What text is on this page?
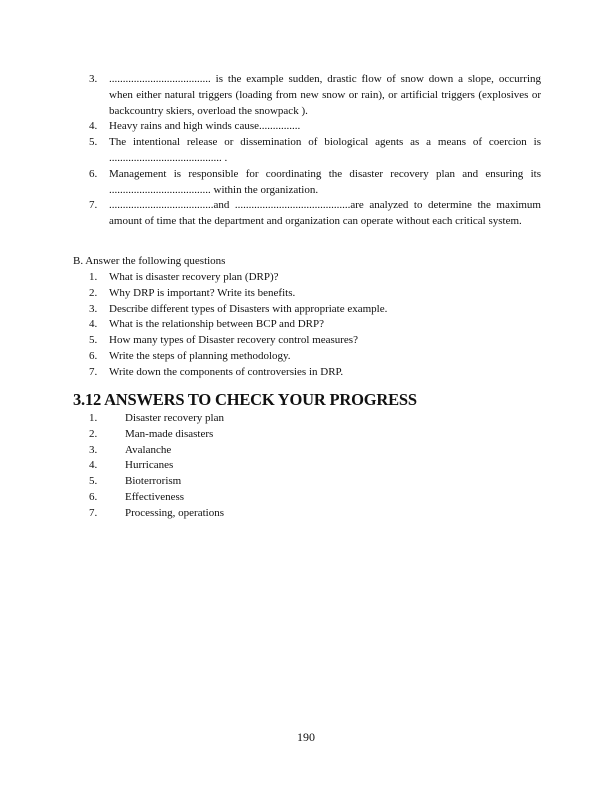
3.	..................................... is the example sudden, drastic flow of snow down a slope, occurring when either natural triggers (loading from new snow or rain), or artificial triggers (explosives or backcountry skiers, overload the snowpack ).
4.	Heavy rains and high winds cause...............
5.	The intentional release or dissemination of biological agents as a means of coercion is ......................................... .
6.	Management is responsible for coordinating the disaster recovery plan and ensuring its ..................................... within the organization.
7.	......................................and ..........................................are analyzed to determine the maximum amount of time that the department and organization can operate without each critical system.
B. Answer the following questions
1.	What is disaster recovery plan (DRP)?
2.	Why DRP is important? Write its benefits.
3.	Describe different types of Disasters with appropriate example.
4.	What is the relationship between BCP and DRP?
5.	How many types of Disaster recovery control measures?
6.	Write the steps of planning methodology.
7.	Write down the components of controversies in DRP.
3.12 ANSWERS TO CHECK YOUR PROGRESS
1.	Disaster recovery plan
2.	Man-made disasters
3.	Avalanche
4.	Hurricanes
5.	Bioterrorism
6.	Effectiveness
7.	Processing, operations
190
